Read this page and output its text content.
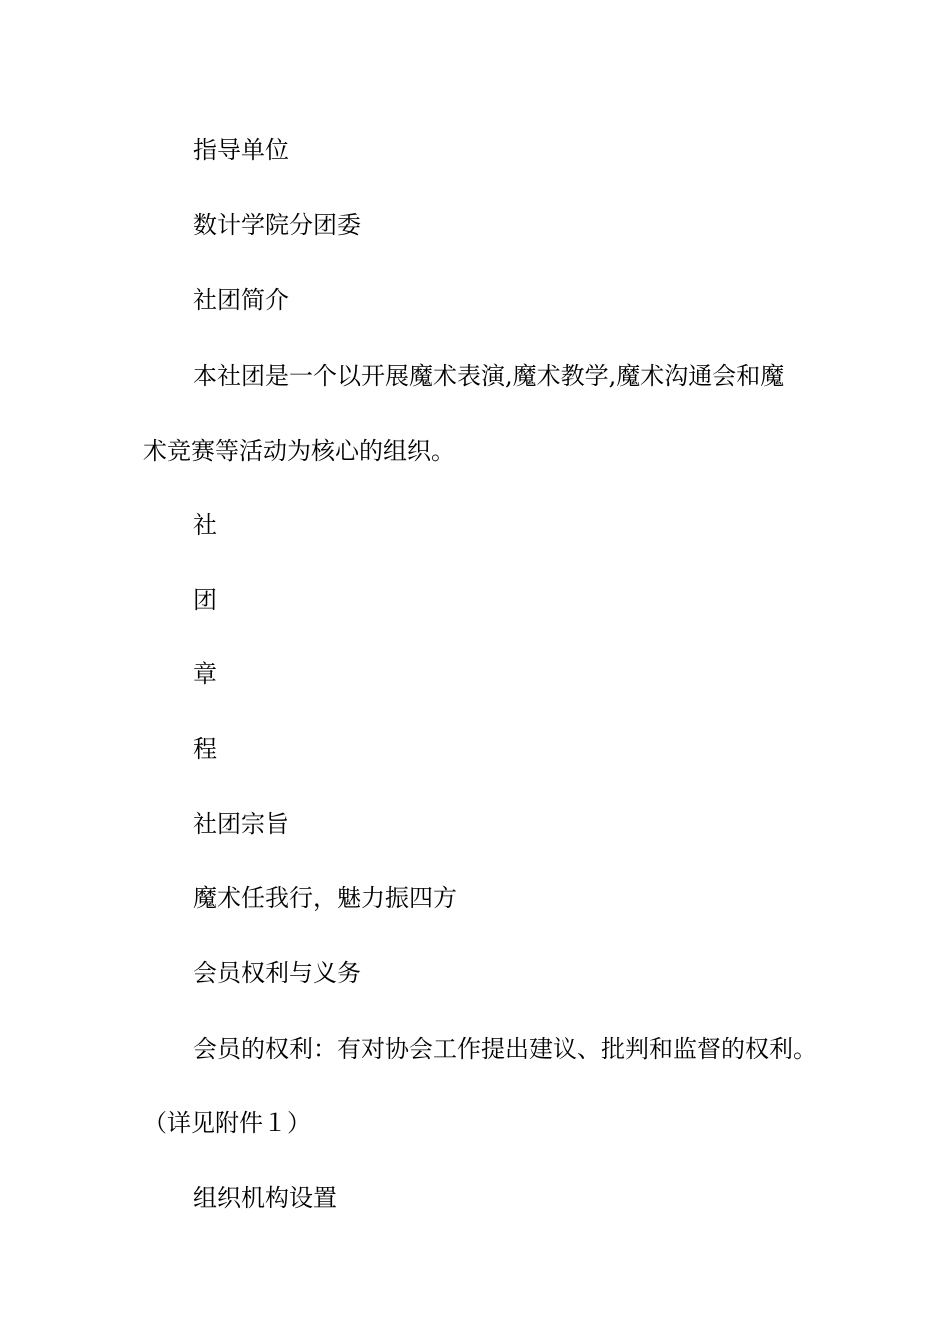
指导单位
数计学院分团委
社团简介
本社团是一个以开展魔术表演,魔术教学,魔术沟通会和魔
术竞赛等活动为核心的组织。
社
团
章
程
社团宗旨
魔术任我行，魅力振四方
会员权利与义务
会员的权利：有对协会工作提出建议、批判和监督的权利。
（详见附件１）
组织机构设置
